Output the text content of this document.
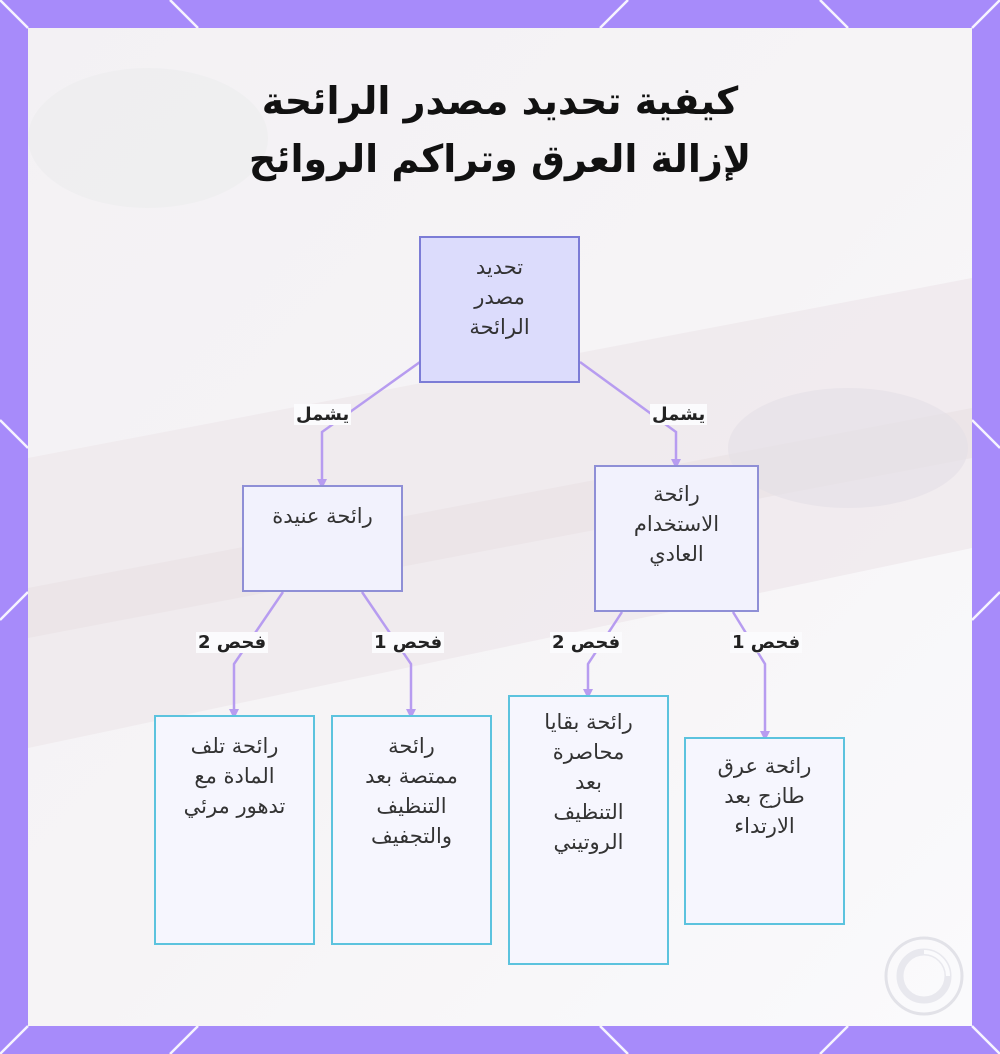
كيفية تحديد مصدر الرائحة
لإزالة العرق وتراكم الروائح
يشمل	يشمل
فحص 2	فحص 1	فحص 2	فحص 1
تحديد
مصدر
الرائحة
رائحة عنيدة
رائحة
الاستخدام
العادي
رائحة تلف
المادة مع
تدهور مرئي
رائحة
ممتصة بعد
التنظيف
والتجفيف
رائحة بقايا
محاصرة
بعد
التنظيف
الروتيني
رائحة عرق
طازج بعد
الارتداء
